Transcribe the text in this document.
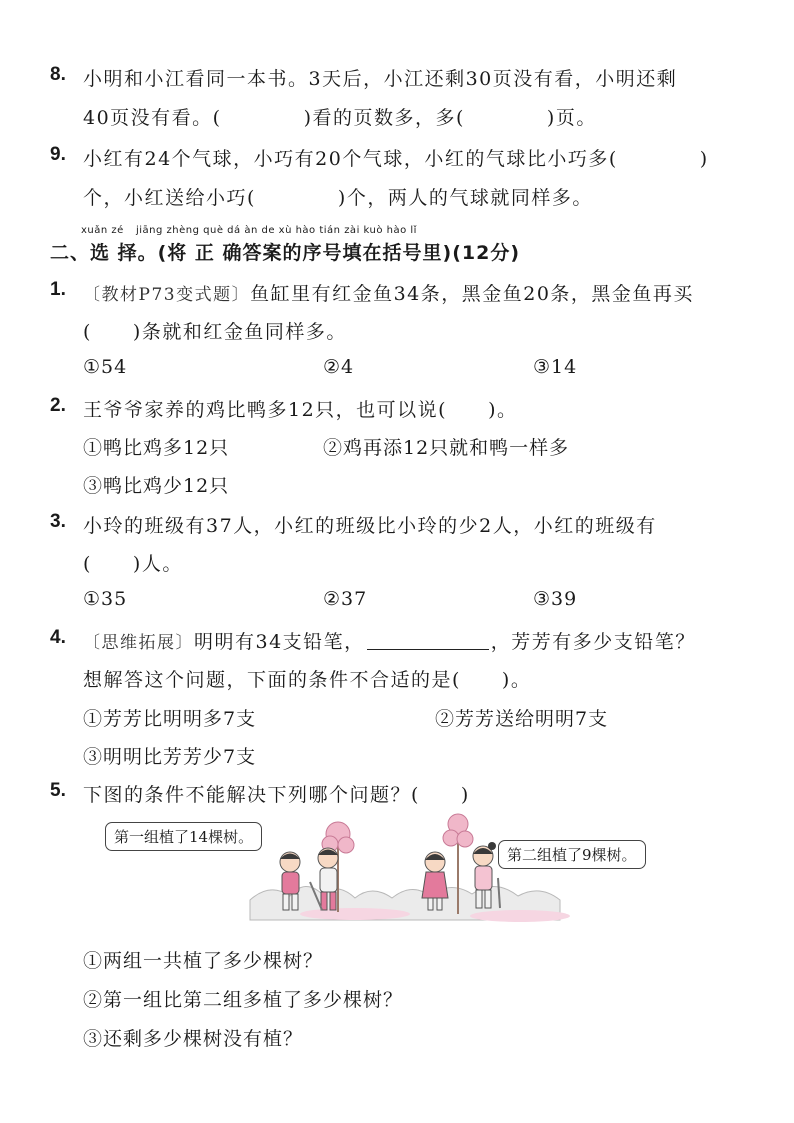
8. 小明和小江看同一本书。3天后，小江还剩30页没有看，小明还剩
40页没有看。(　　　　)看的页数多，多(　　　　)页。
9. 小红有24个气球，小巧有20个气球，小红的气球比小巧多(　　　　)
个，小红送给小巧(　　　　)个，两人的气球就同样多。
xuǎn zé jiāng zhèng què dá àn de xù hào tián zài kuò hào lǐ
二、选 择。(将 正 确答案的序号填在括号里)(12分)
1. 〔教材P73变式题〕鱼缸里有红金鱼34条，黑金鱼20条，黑金鱼再买
(　　)条就和红金鱼同样多。
①54	②4	③14
2. 王爷爷家养的鸡比鸭多12只，也可以说(　　)。
①鸭比鸡多12只	②鸡再添12只就和鸭一样多
③鸭比鸡少12只
3. 小玲的班级有37人，小红的班级比小玲的少2人，小红的班级有
(　　)人。
①35	②37	③39
4. 〔思维拓展〕明明有34支铅笔，	，芳芳有多少支铅笔？
想解答这个问题，下面的条件不合适的是(　　)。
①芳芳比明明多7支	②芳芳送给明明7支
③明明比芳芳少7支
5. 下图的条件不能解决下列哪个问题？(　　)
第一组植了14棵树。
第二组植了9棵树。
①两组一共植了多少棵树？
②第一组比第二组多植了多少棵树？
③还剩多少棵树没有植？
